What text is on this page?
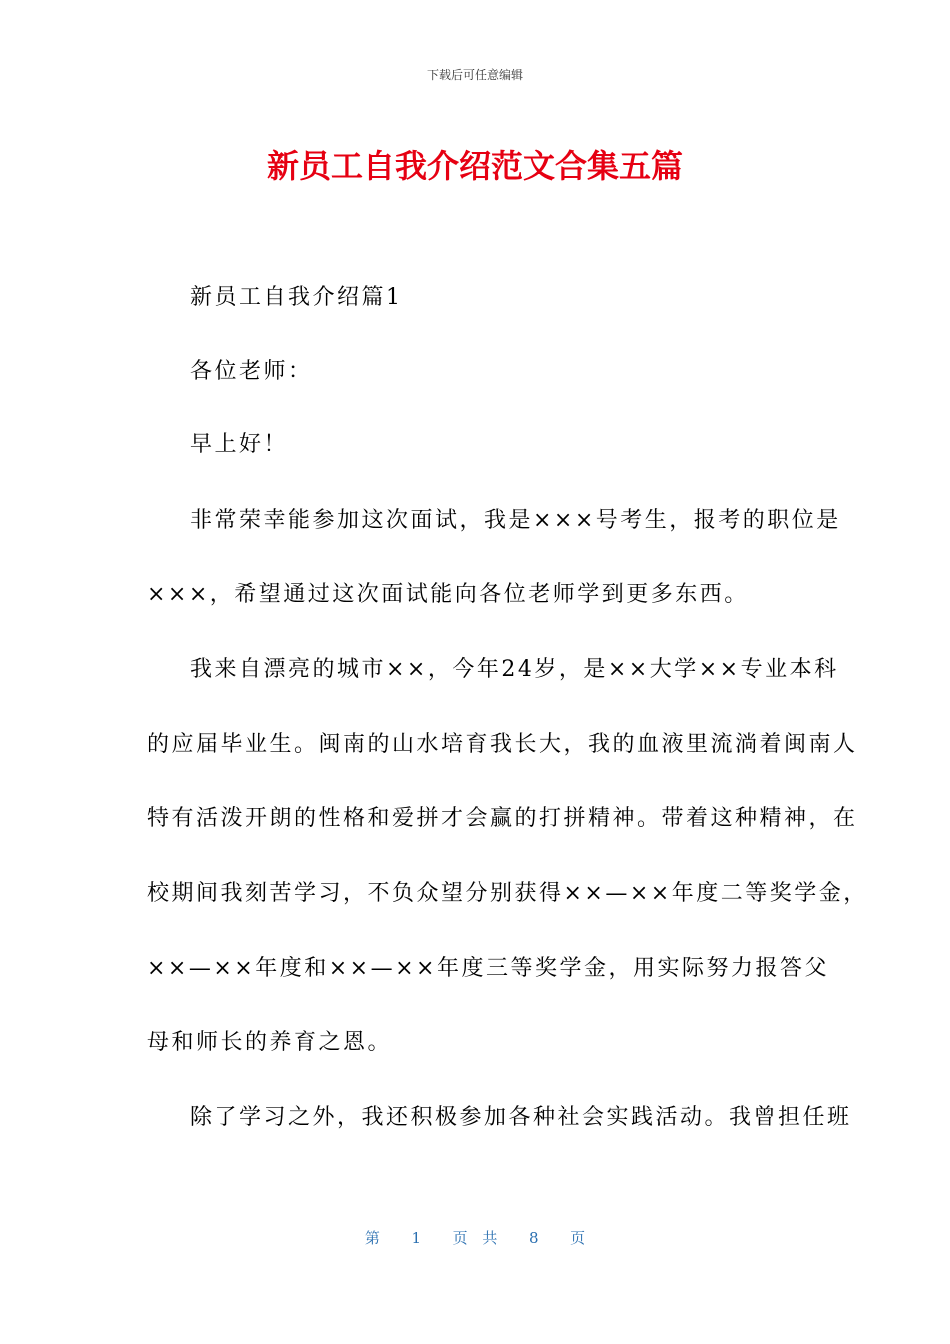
下载后可任意编辑
新员工自我介绍范文合集五篇
新员工自我介绍篇1
各位老师：
早上好！
非常荣幸能参加这次面试，我是×××号考生，报考的职位是
×××，希望通过这次面试能向各位老师学到更多东西。
我来自漂亮的城市××，今年24岁，是××大学××专业本科
的应届毕业生。闽南的山水培育我长大，我的血液里流淌着闽南人
特有活泼开朗的性格和爱拼才会赢的打拼精神。带着这种精神，在
校期间我刻苦学习，不负众望分别获得××—××年度二等奖学金，
××—××年度和××—××年度三等奖学金，用实际努力报答父
母和师长的养育之恩。
除了学习之外，我还积极参加各种社会实践活动。我曾担任班
第 1 页 共 8 页
